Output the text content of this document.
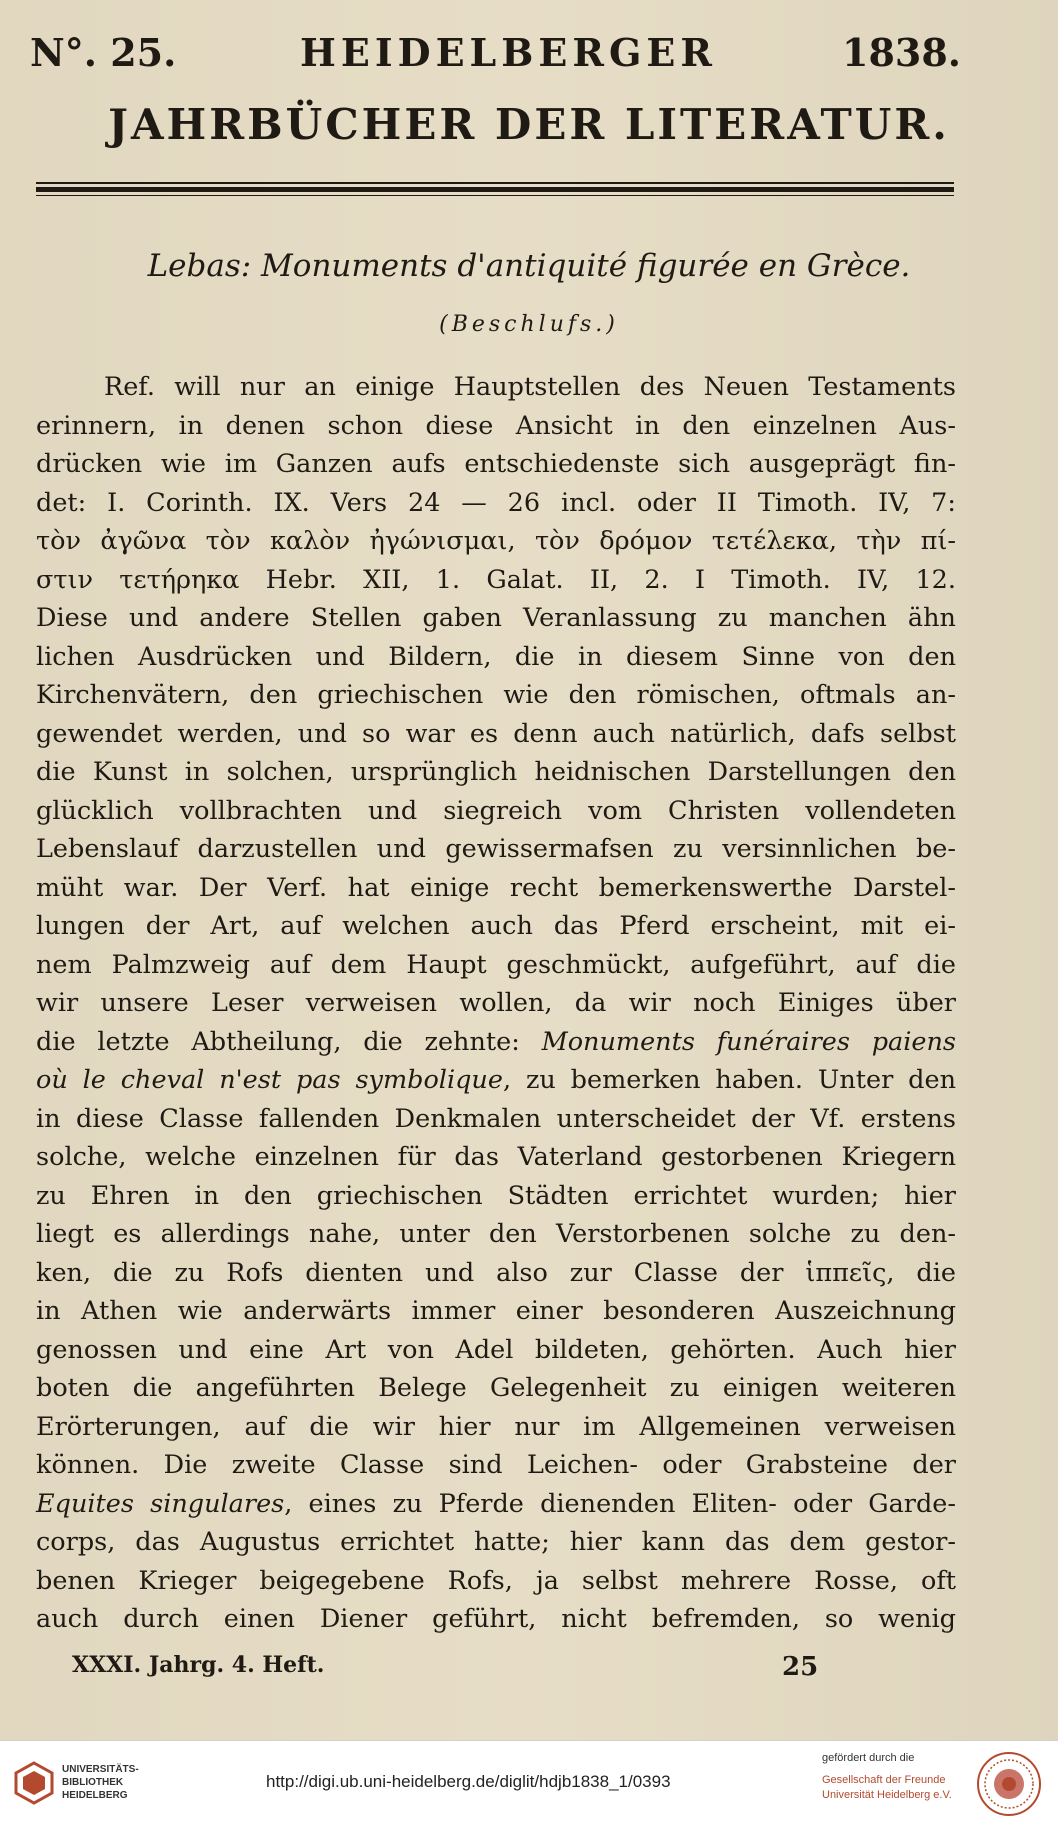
N°. 25.	HEIDELBERGER	1838.
JAHRBÜCHER DER LITERATUR.
Lebas: Monuments d'antiquité figurée en Grèce.
(Beschlufs.)
Ref. will nur an einige Hauptstellen des Neuen Testaments
erinnern, in denen schon diese Ansicht in den einzelnen Aus-
drücken wie im Ganzen aufs entschiedenste sich ausgeprägt fin-
det: I. Corinth. IX. Vers 24 — 26 incl. oder II Timoth. IV, 7:
τὸν ἀγῶνα τὸν καλὸν ἠγώνισμαι, τὸν δρόμον τετέλεκα, τὴν πί-
στιν τετήρηκα Hebr. XII, 1. Galat. II, 2. I Timoth. IV, 12.
Diese und andere Stellen gaben Veranlassung zu manchen ähn
lichen Ausdrücken und Bildern, die in diesem Sinne von den
Kirchenvätern, den griechischen wie den römischen, oftmals an-
gewendet werden, und so war es denn auch natürlich, dafs selbst
die Kunst in solchen, ursprünglich heidnischen Darstellungen den
glücklich vollbrachten und siegreich vom Christen vollendeten
Lebenslauf darzustellen und gewissermafsen zu versinnlichen be-
müht war. Der Verf. hat einige recht bemerkenswerthe Darstel-
lungen der Art, auf welchen auch das Pferd erscheint, mit ei-
nem Palmzweig auf dem Haupt geschmückt, aufgeführt, auf die
wir unsere Leser verweisen wollen, da wir noch Einiges über
die letzte Abtheilung, die zehnte: Monuments funéraires paiens
où le cheval n'est pas symbolique, zu bemerken haben. Unter den
in diese Classe fallenden Denkmalen unterscheidet der Vf. erstens
solche, welche einzelnen für das Vaterland gestorbenen Kriegern
zu Ehren in den griechischen Städten errichtet wurden; hier
liegt es allerdings nahe, unter den Verstorbenen solche zu den-
ken, die zu Rofs dienten und also zur Classe der ἱππεῖς, die
in Athen wie anderwärts immer einer besonderen Auszeichnung
genossen und eine Art von Adel bildeten, gehörten. Auch hier
boten die angeführten Belege Gelegenheit zu einigen weiteren
Erörterungen, auf die wir hier nur im Allgemeinen verweisen
können. Die zweite Classe sind Leichen- oder Grabsteine der
Equites singulares, eines zu Pferde dienenden Eliten- oder Garde-
corps, das Augustus errichtet hatte; hier kann das dem gestor-
benen Krieger beigegebene Rofs, ja selbst mehrere Rosse, oft
auch durch einen Diener geführt, nicht befremden, so wenig
XXXI. Jahrg. 4. Heft.	25
UNIVERSITÄTS-
BIBLIOTHEK
HEIDELBERG
http://digi.ub.uni-heidelberg.de/diglit/hdjb1838_1/0393
gefördert durch die
Gesellschaft der Freunde
Universität Heidelberg e.V.
